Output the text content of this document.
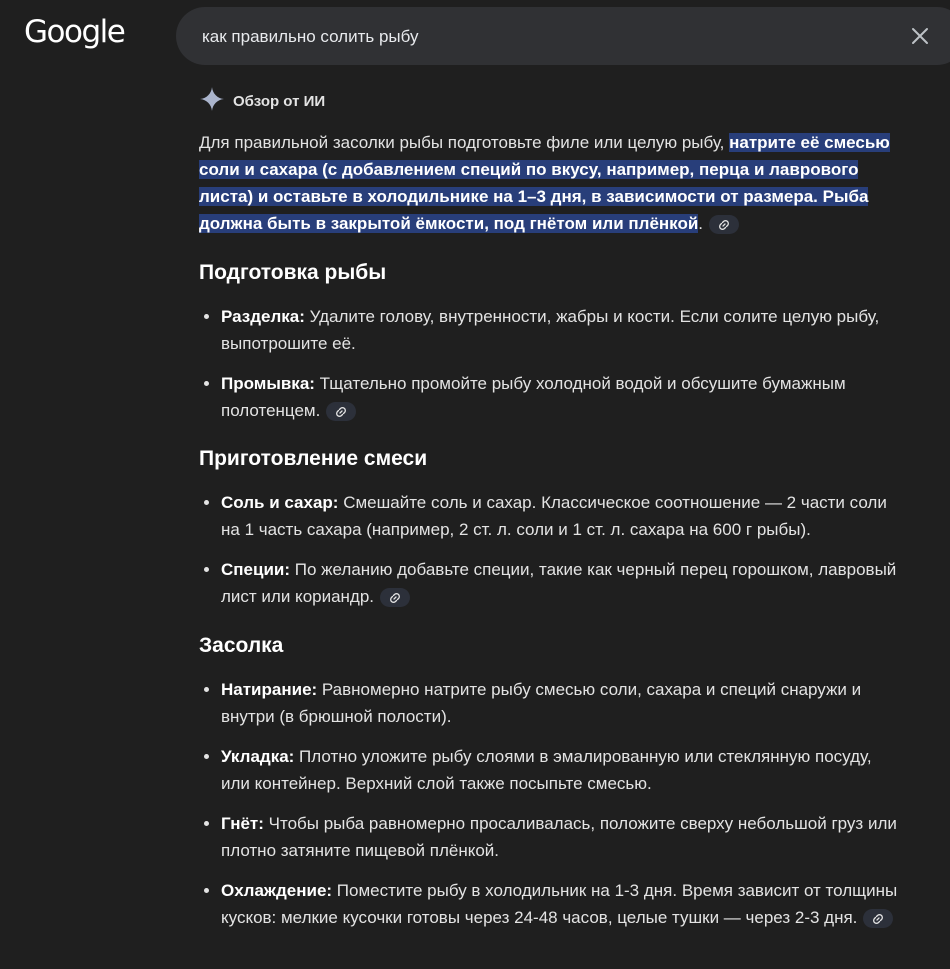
Google
как правильно солить рыбу
Обзор от ИИ

Для правильной засолки рыбы подготовьте филе или целую рыбу, натрите её смесью соли и сахара (с добавлением специй по вкусу, например, перца и лаврового листа) и оставьте в холодильнике на 1–3 дня, в зависимости от размера. Рыба должна быть в закрытой ёмкости, под гнётом или плёнкой.

Подготовка рыбы
• Разделка: Удалите голову, внутренности, жабры и кости. Если солите целую рыбу, выпотрошите её.
• Промывка: Тщательно промойте рыбу холодной водой и обсушите бумажным полотенцем.
Приготовление смеси
• Соль и сахар: Смешайте соль и сахар. Классическое соотношение — 2 части соли на 1 часть сахара (например, 2 ст. л. соли и 1 ст. л. сахара на 600 г рыбы).
• Специи: По желанию добавьте специи, такие как черный перец горошком, лавровый лист или кориандр.
Засолка
• Натирание: Равномерно натрите рыбу смесью соли, сахара и специй снаружи и внутри (в брюшной полости).
• Укладка: Плотно уложите рыбу слоями в эмалированную или стеклянную посуду, или контейнер. Верхний слой также посыпьте смесью.
• Гнёт: Чтобы рыба равномерно просаливалась, положите сверху небольшой груз или плотно затяните пищевой плёнкой.
• Охлаждение: Поместите рыбу в холодильник на 1-3 дня. Время зависит от толщины кусков: мелкие кусочки готовы через 24-48 часов, целые тушки — через 2-3 дня.
